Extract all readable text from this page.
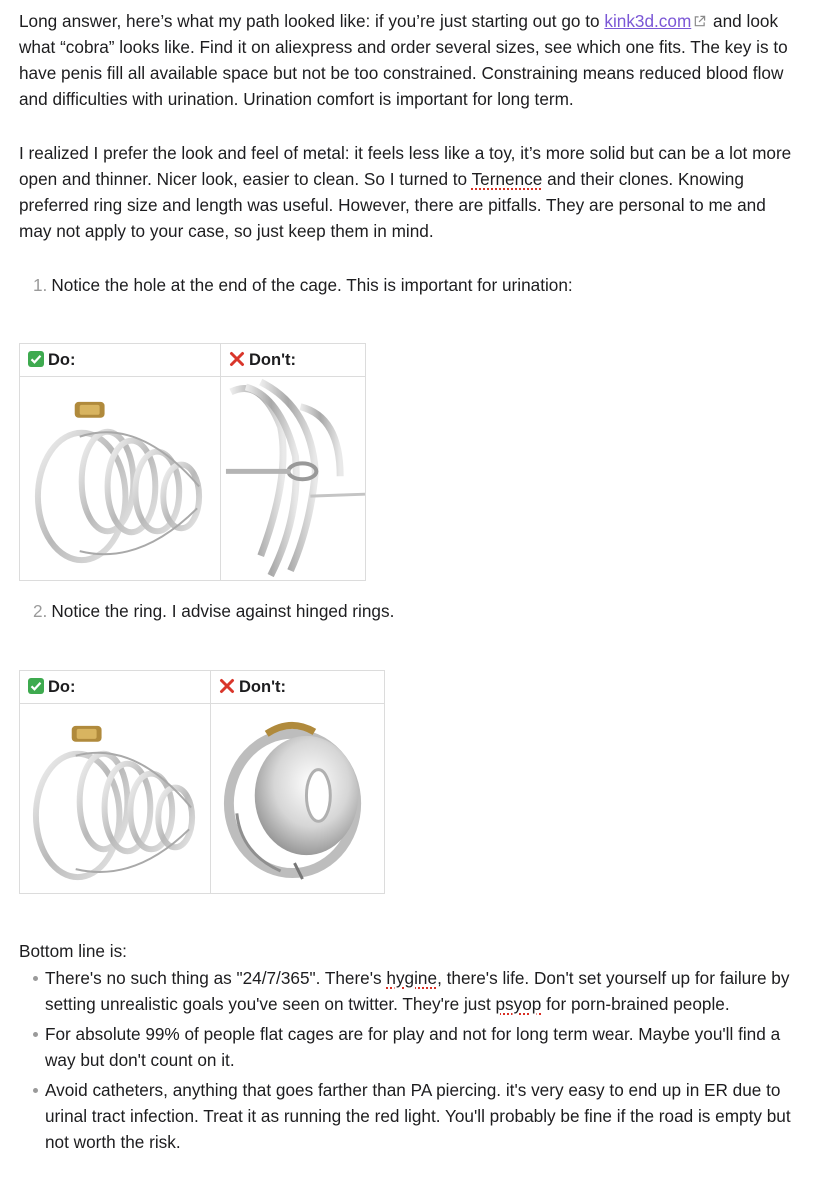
Long answer, here’s what my path looked like: if you’re just starting out go to kink3d.com and look what “cobra” looks like. Find it on aliexpress and order several sizes, see which one fits. The key is to have penis fill all available space but not be too constrained. Constraining means reduced blood flow and difficulties with urination. Urination comfort is important for long term.

I realized I prefer the look and feel of metal: it feels less like a toy, it’s more solid but can be a lot more open and thinner. Nicer look, easier to clean. So I turned to Ternence and their clones. Knowing preferred ring size and length was useful. However, there are pitfalls. They are personal to me and may not apply to your case, so just keep them in mind.

1. Notice the hole at the end of the cage. This is important for urination:
Do:	Don't:

2. Notice the ring. I advise against hinged rings.
Do:	Don't:

Bottom line is:
There's no such thing as "24/7/365". There's hygine, there's life. Don't set yourself up for failure by setting unrealistic goals you've seen on twitter. They're just psyop for porn-brained people.
For absolute 99% of people flat cages are for play and not for long term wear. Maybe you'll find a way but don't count on it.
Avoid catheters, anything that goes farther than PA piercing. it's very easy to end up in ER due to urinal tract infection. Treat it as running the red light. You'll probably be fine if the road is empty but not worth the risk.
